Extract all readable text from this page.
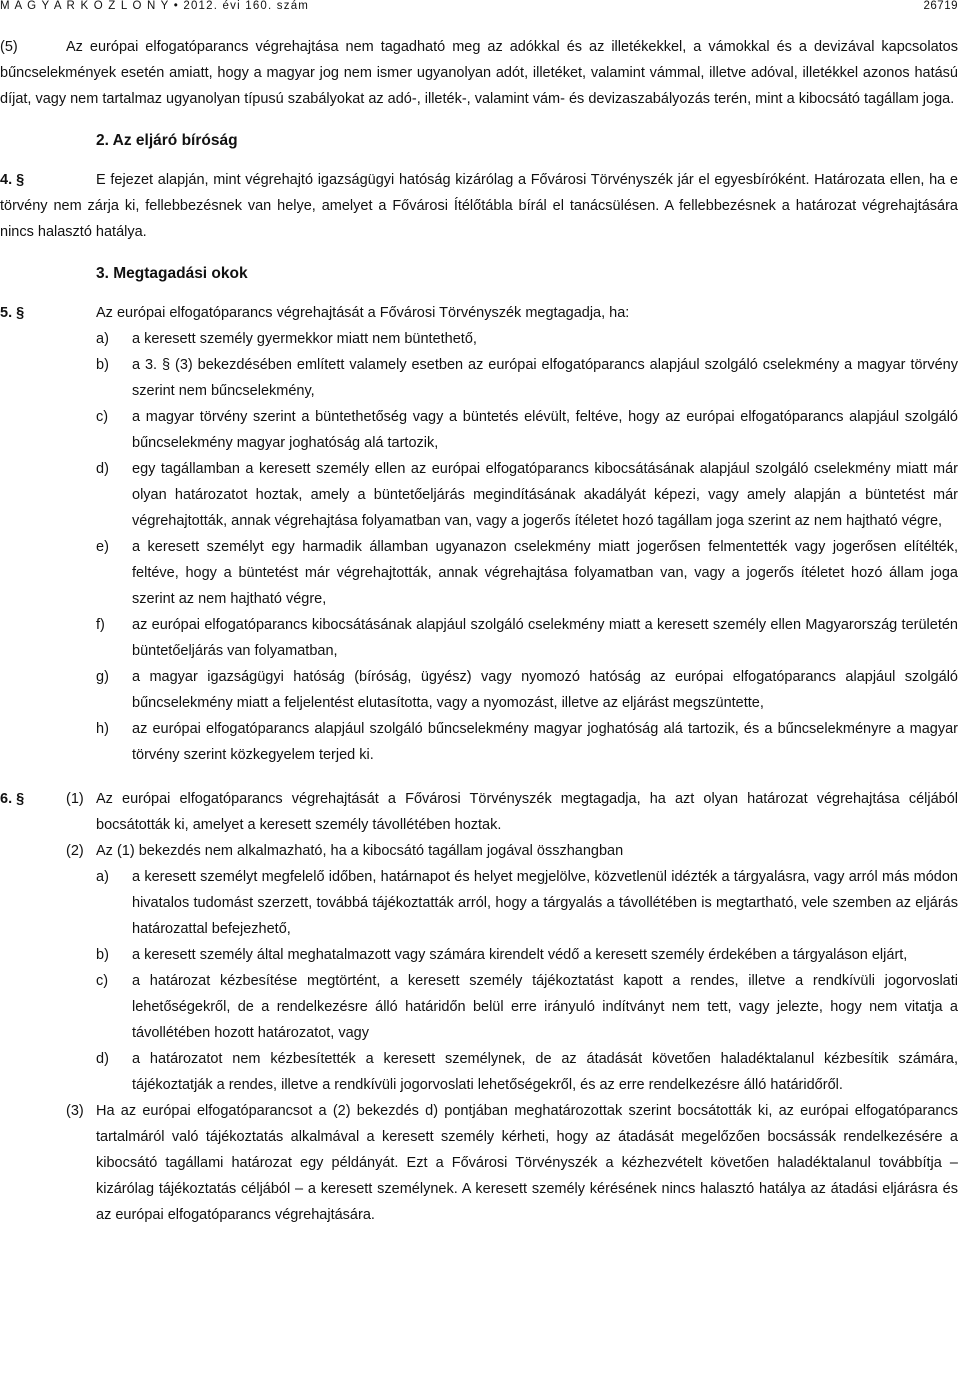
M A G Y A R K Ö Z L Ö N Y • 2012. évi 160. szám	26719
(5)	Az európai elfogatóparancs végrehajtása nem tagadható meg az adókkal és az illetékekkel, a vámokkal és a devizával kapcsolatos bűncselekmények esetén amiatt, hogy a magyar jog nem ismer ugyanolyan adót, illetéket, valamint vámmal, illetve adóval, illetékkel azonos hatású díjat, vagy nem tartalmaz ugyanolyan típusú szabályokat az adó-, illeték-, valamint vám- és devizaszabályozás terén, mint a kibocsátó tagállam joga.
2. Az eljáró bíróság
4. §	E fejezet alapján, mint végrehajtó igazságügyi hatóság kizárólag a Fővárosi Törvényszék jár el egyesbíróként. Határozata ellen, ha e törvény nem zárja ki, fellebbezésnek van helye, amelyet a Fővárosi Ítélőtábla bírál el tanácsülésen. A fellebbezésnek a határozat végrehajtására nincs halasztó hatálya.
3. Megtagadási okok
5. §	Az európai elfogatóparancs végrehajtását a Fővárosi Törvényszék megtagadja, ha:
a) a keresett személy gyermekkor miatt nem büntethető,
b) a 3. § (3) bekezdésében említett valamely esetben az európai elfogatóparancs alapjául szolgáló cselekmény a magyar törvény szerint nem bűncselekmény,
c) a magyar törvény szerint a büntethetőség vagy a büntetés elévült, feltéve, hogy az európai elfogatóparancs alapjául szolgáló bűncselekmény magyar joghatóság alá tartozik,
d) egy tagállamban a keresett személy ellen az európai elfogatóparancs kibocsátásának alapjául szolgáló cselekmény miatt már olyan határozatot hoztak, amely a büntetőeljárás megindításának akadályát képezi, vagy amely alapján a büntetést már végrehajtották, annak végrehajtása folyamatban van, vagy a jogerős ítéletet hozó tagállam joga szerint az nem hajtható végre,
e) a keresett személyt egy harmadik államban ugyanazon cselekmény miatt jogerősen felmentették vagy jogerősen elítélték, feltéve, hogy a büntetést már végrehajtották, annak végrehajtása folyamatban van, vagy a jogerős ítéletet hozó állam joga szerint az nem hajtható végre,
f) az európai elfogatóparancs kibocsátásának alapjául szolgáló cselekmény miatt a keresett személy ellen Magyarország területén büntetőeljárás van folyamatban,
g) a magyar igazságügyi hatóság (bíróság, ügyész) vagy nyomozó hatóság az európai elfogatóparancs alapjául szolgáló bűncselekmény miatt a feljelentést elutasította, vagy a nyomozást, illetve az eljárást megszüntette,
h) az európai elfogatóparancs alapjául szolgáló bűncselekmény magyar joghatóság alá tartozik, és a bűncselekményre a magyar törvény szerint közkegyelem terjed ki.
6. §	(1) Az európai elfogatóparancs végrehajtását a Fővárosi Törvényszék megtagadja, ha azt olyan határozat végrehajtása céljából bocsátották ki, amelyet a keresett személy távollétében hoztak.
(2) Az (1) bekezdés nem alkalmazható, ha a kibocsátó tagállam jogával összhangban
a) a keresett személyt megfelelő időben, határnapot és helyet megjelölve, közvetlenül idézték a tárgyalásra, vagy arról más módon hivatalos tudomást szerzett, továbbá tájékoztatták arról, hogy a tárgyalás a távollétében is megtartható, vele szemben az eljárás határozattal befejezhető,
b) a keresett személy által meghatalmazott vagy számára kirendelt védő a keresett személy érdekében a tárgyaláson eljárt,
c) a határozat kézbesítése megtörtént, a keresett személy tájékoztatást kapott a rendes, illetve a rendkívüli jogorvoslati lehetőségekről, de a rendelkezésre álló határidőn belül erre irányuló indítványt nem tett, vagy jelezte, hogy nem vitatja a távollétében hozott határozatot, vagy
d) a határozatot nem kézbesítették a keresett személynek, de az átadását követően haladéktalanul kézbesítik számára, tájékoztatják a rendes, illetve a rendkívüli jogorvoslati lehetőségekről, és az erre rendelkezésre álló határidőről.
(3) Ha az európai elfogatóparancsot a (2) bekezdés d) pontjában meghatározottak szerint bocsátották ki, az európai elfogatóparancs tartalmáról való tájékoztatás alkalmával a keresett személy kérheti, hogy az átadását megelőzően bocsássák rendelkezésére a kibocsátó tagállami határozat egy példányát. Ezt a Fővárosi Törvényszék a kézhezvételt követően haladéktalanul továbbítja – kizárólag tájékoztatás céljából – a keresett személynek. A keresett személy kérésének nincs halasztó hatálya az átadási eljárásra és az európai elfogatóparancs végrehajtására.
